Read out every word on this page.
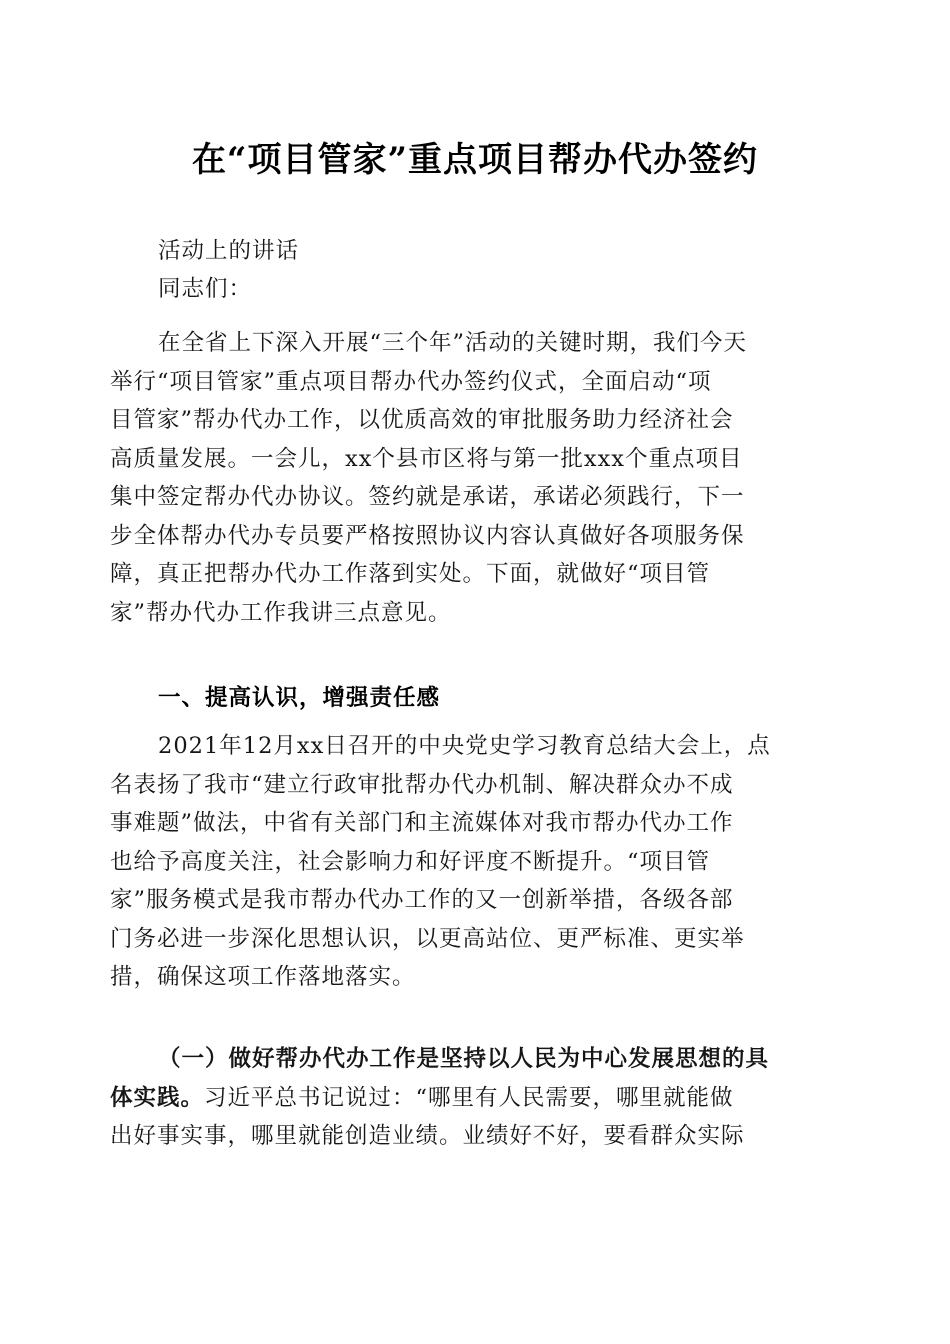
在“项目管家”重点项目帮办代办签约
活动上的讲话
同志们：
在全省上下深入开展“三个年”活动的关键时期，我们今天
举行“项目管家”重点项目帮办代办签约仪式，全面启动“项
目管家”帮办代办工作，以优质高效的审批服务助力经济社会
高质量发展。一会儿，xx个县市区将与第一批xxx个重点项目
集中签定帮办代办协议。签约就是承诺，承诺必须践行，下一
步全体帮办代办专员要严格按照协议内容认真做好各项服务保
障，真正把帮办代办工作落到实处。下面，就做好“项目管
家”帮办代办工作我讲三点意见。
一、提高认识，增强责任感
2021年12月xx日召开的中央党史学习教育总结大会上，点
名表扬了我市“建立行政审批帮办代办机制、解决群众办不成
事难题”做法，中省有关部门和主流媒体对我市帮办代办工作
也给予高度关注，社会影响力和好评度不断提升。“项目管
家”服务模式是我市帮办代办工作的又一创新举措，各级各部
门务必进一步深化思想认识，以更高站位、更严标准、更实举
措，确保这项工作落地落实。
（一）做好帮办代办工作是坚持以人民为中心发展思想的具
体实践。习近平总书记说过：“哪里有人民需要，哪里就能做
出好事实事，哪里就能创造业绩。业绩好不好，要看群众实际
